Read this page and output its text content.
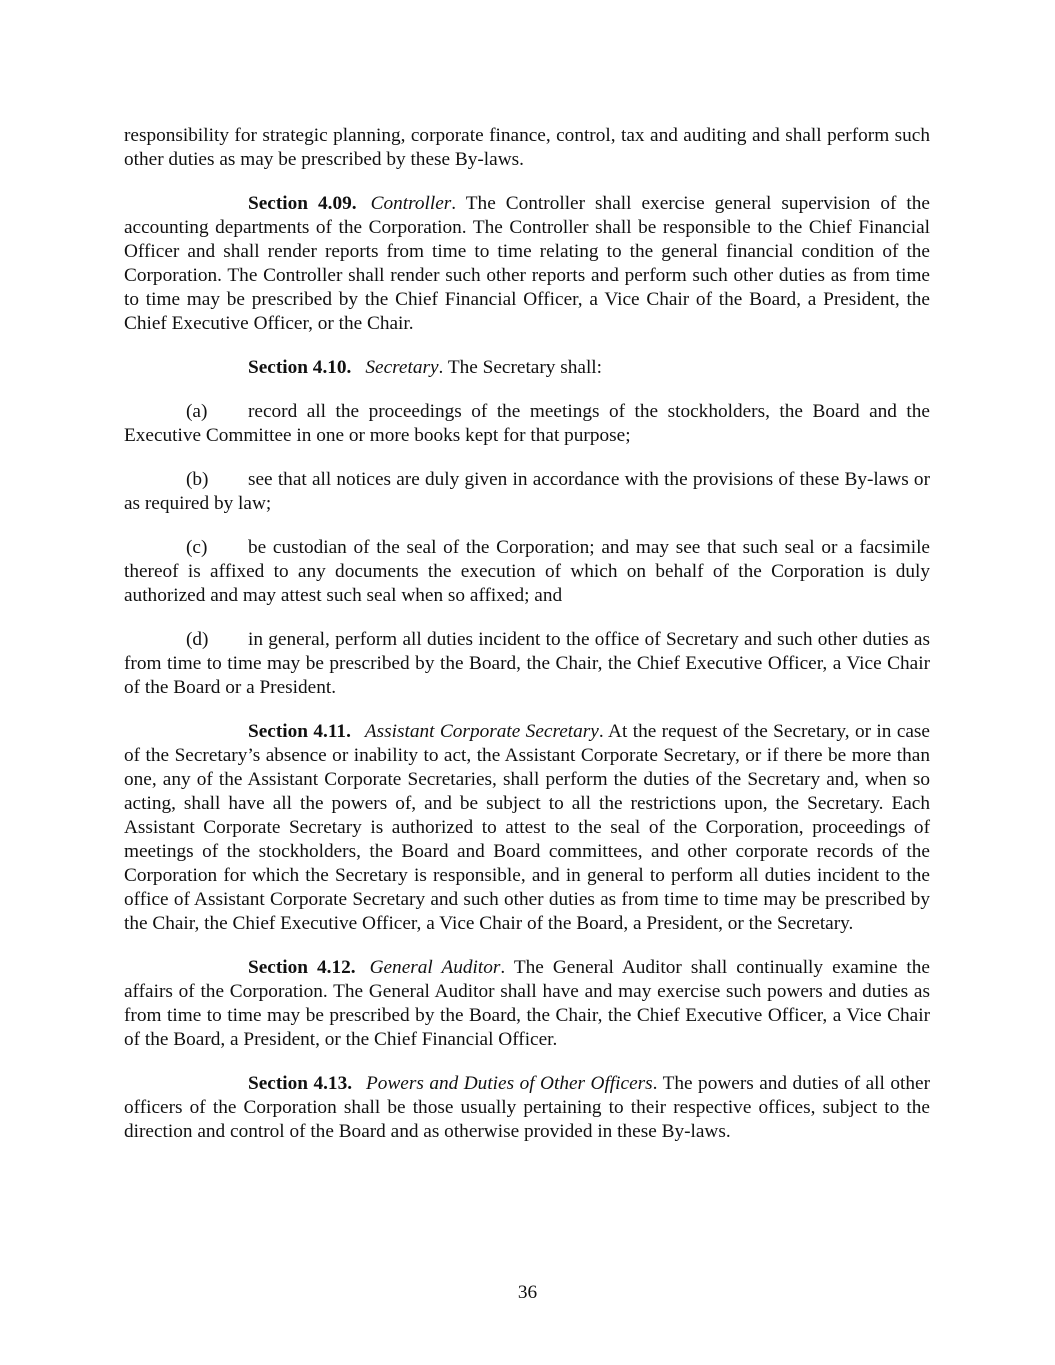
responsibility for strategic planning, corporate finance, control, tax and auditing and shall perform such other duties as may be prescribed by these By-laws.

Section 4.09. Controller. The Controller shall exercise general supervision of the accounting departments of the Corporation. The Controller shall be responsible to the Chief Financial Officer and shall render reports from time to time relating to the general financial condition of the Corporation. The Controller shall render such other reports and perform such other duties as from time to time may be prescribed by the Chief Financial Officer, a Vice Chair of the Board, a President, the Chief Executive Officer, or the Chair.

Section 4.10. Secretary. The Secretary shall:

(a) record all the proceedings of the meetings of the stockholders, the Board and the Executive Committee in one or more books kept for that purpose;

(b) see that all notices are duly given in accordance with the provisions of these By-laws or as required by law;

(c) be custodian of the seal of the Corporation; and may see that such seal or a facsimile thereof is affixed to any documents the execution of which on behalf of the Corporation is duly authorized and may attest such seal when so affixed; and

(d) in general, perform all duties incident to the office of Secretary and such other duties as from time to time may be prescribed by the Board, the Chair, the Chief Executive Officer, a Vice Chair of the Board or a President.

Section 4.11. Assistant Corporate Secretary. At the request of the Secretary, or in case of the Secretary’s absence or inability to act, the Assistant Corporate Secretary, or if there be more than one, any of the Assistant Corporate Secretaries, shall perform the duties of the Secretary and, when so acting, shall have all the powers of, and be subject to all the restrictions upon, the Secretary. Each Assistant Corporate Secretary is authorized to attest to the seal of the Corporation, proceedings of meetings of the stockholders, the Board and Board committees, and other corporate records of the Corporation for which the Secretary is responsible, and in general to perform all duties incident to the office of Assistant Corporate Secretary and such other duties as from time to time may be prescribed by the Chair, the Chief Executive Officer, a Vice Chair of the Board, a President, or the Secretary.

Section 4.12. General Auditor. The General Auditor shall continually examine the affairs of the Corporation. The General Auditor shall have and may exercise such powers and duties as from time to time may be prescribed by the Board, the Chair, the Chief Executive Officer, a Vice Chair of the Board, a President, or the Chief Financial Officer.

Section 4.13. Powers and Duties of Other Officers. The powers and duties of all other officers of the Corporation shall be those usually pertaining to their respective offices, subject to the direction and control of the Board and as otherwise provided in these By-laws.

36
